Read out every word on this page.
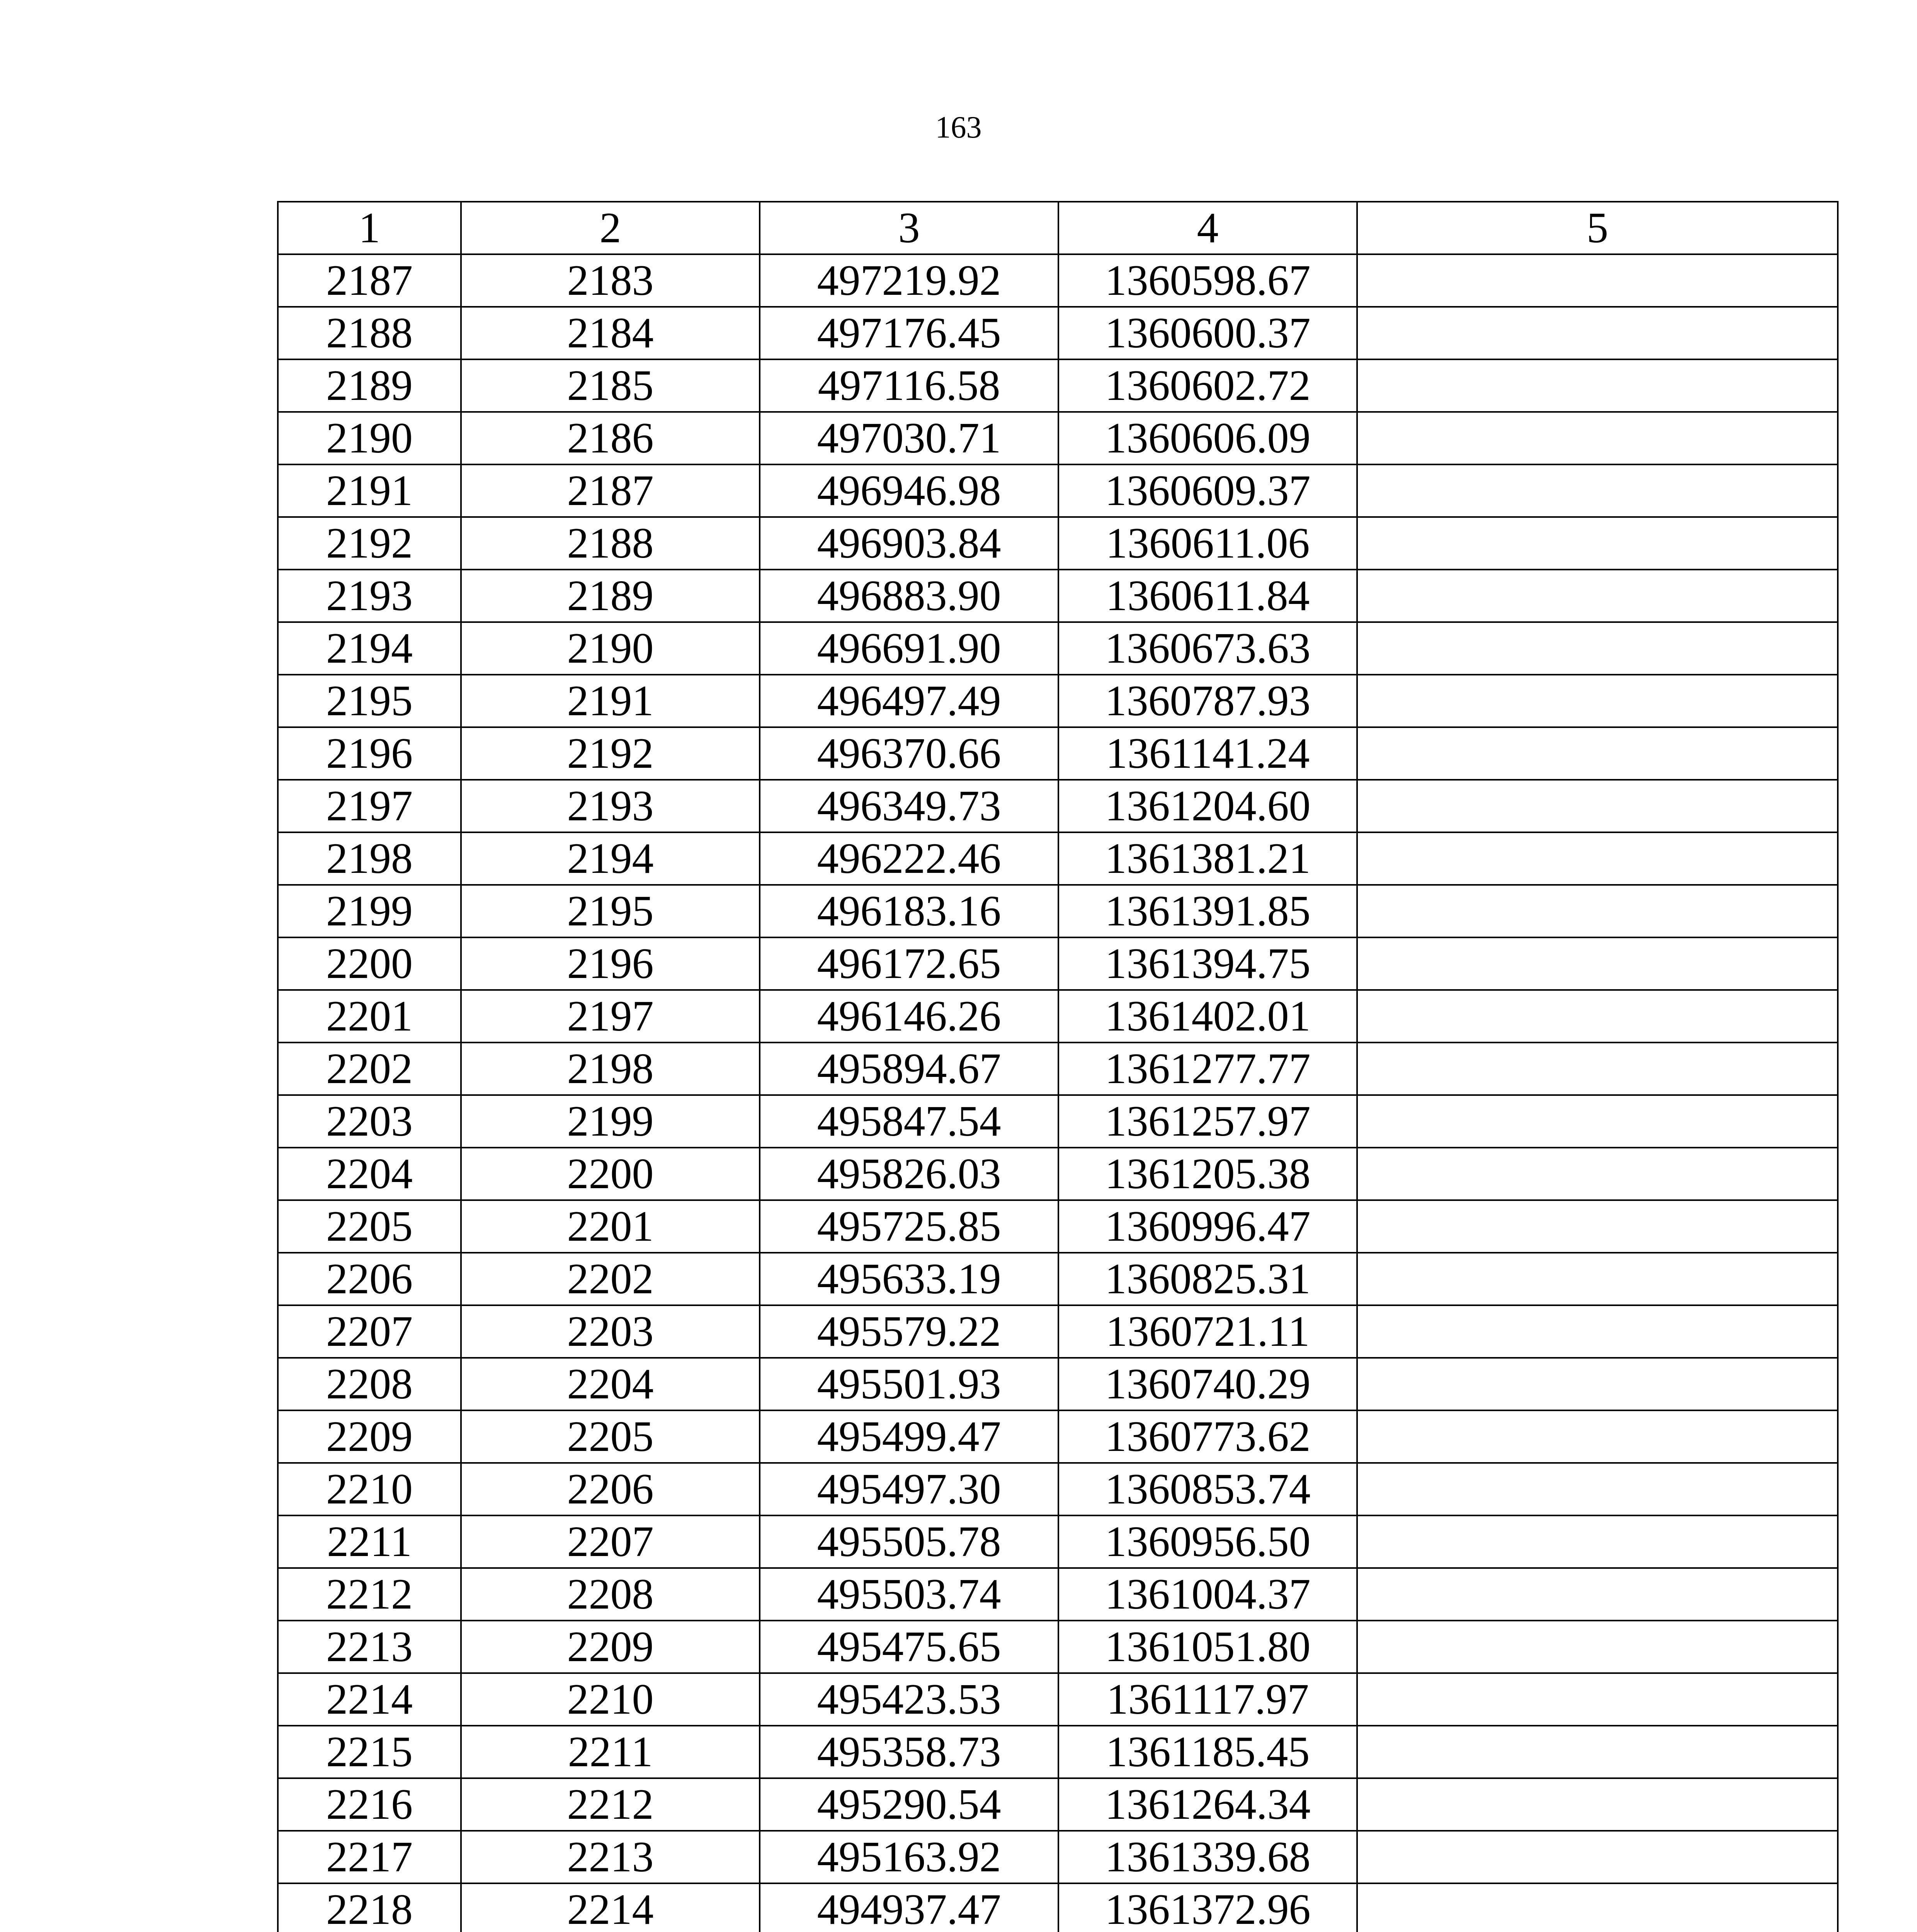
163
1	2	3	4	5
2187	2183	497219.92	1360598.67	
2188	2184	497176.45	1360600.37	
2189	2185	497116.58	1360602.72	
2190	2186	497030.71	1360606.09	
2191	2187	496946.98	1360609.37	
2192	2188	496903.84	1360611.06	
2193	2189	496883.90	1360611.84	
2194	2190	496691.90	1360673.63	
2195	2191	496497.49	1360787.93	
2196	2192	496370.66	1361141.24	
2197	2193	496349.73	1361204.60	
2198	2194	496222.46	1361381.21	
2199	2195	496183.16	1361391.85	
2200	2196	496172.65	1361394.75	
2201	2197	496146.26	1361402.01	
2202	2198	495894.67	1361277.77	
2203	2199	495847.54	1361257.97	
2204	2200	495826.03	1361205.38	
2205	2201	495725.85	1360996.47	
2206	2202	495633.19	1360825.31	
2207	2203	495579.22	1360721.11	
2208	2204	495501.93	1360740.29	
2209	2205	495499.47	1360773.62	
2210	2206	495497.30	1360853.74	
2211	2207	495505.78	1360956.50	
2212	2208	495503.74	1361004.37	
2213	2209	495475.65	1361051.80	
2214	2210	495423.53	1361117.97	
2215	2211	495358.73	1361185.45	
2216	2212	495290.54	1361264.34	
2217	2213	495163.92	1361339.68	
2218	2214	494937.47	1361372.96	
